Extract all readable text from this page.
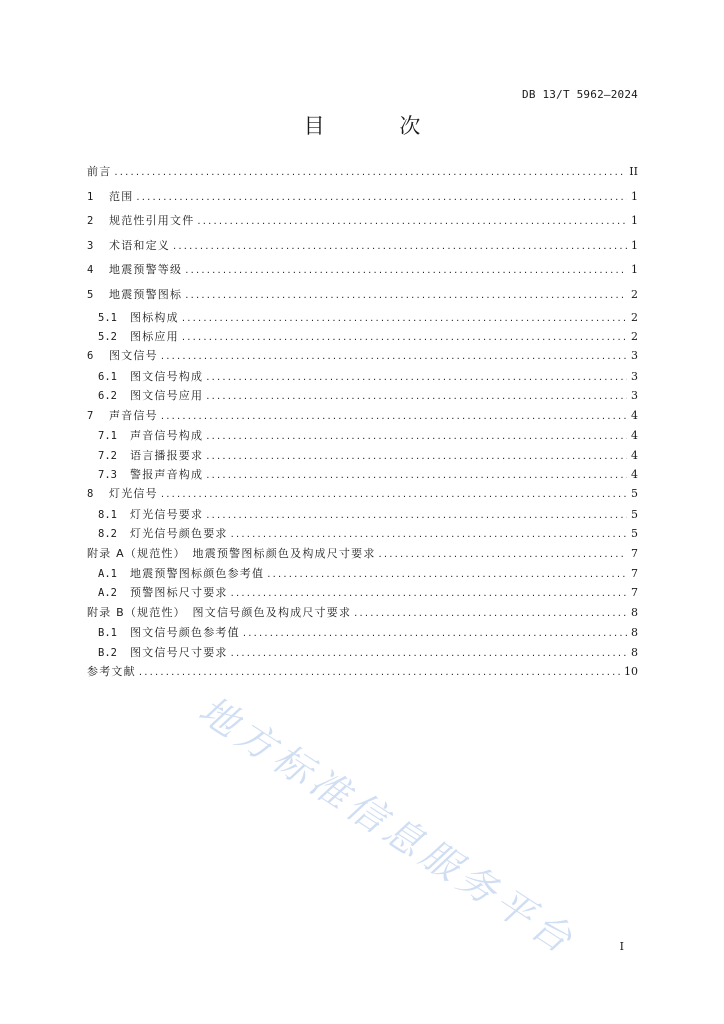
DB 13/T 5962—2024
目 次
前言 .....	II
1	范围 .....	1
2	规范性引用文件 .....	1
3	术语和定义 .....	1
4	地震预警等级 .....	1
5	地震预警图标 .....	2
5.1	图标构成 .....	2
5.2	图标应用 .....	2
6	图文信号 .....	3
6.1	图文信号构成 .....	3
6.2	图文信号应用 .....	3
7	声音信号 .....	4
7.1	声音信号构成 .....	4
7.2	语言播报要求 .....	4
7.3	警报声音构成 .....	4
8	灯光信号 .....	5
8.1	灯光信号要求 .....	5
8.2	灯光信号颜色要求 .....	5
附录 A（规范性）　地震预警图标颜色及构成尺寸要求 .....	7
A.1	地震预警图标颜色参考值 .....	7
A.2	预警图标尺寸要求 .....	7
附录 B（规范性）　图文信号颜色及构成尺寸要求 .....	8
B.1	图文信号颜色参考值 .....	8
B.2	图文信号尺寸要求 .....	8
参考文献 .....	10
I
地方标准信息服务平台
